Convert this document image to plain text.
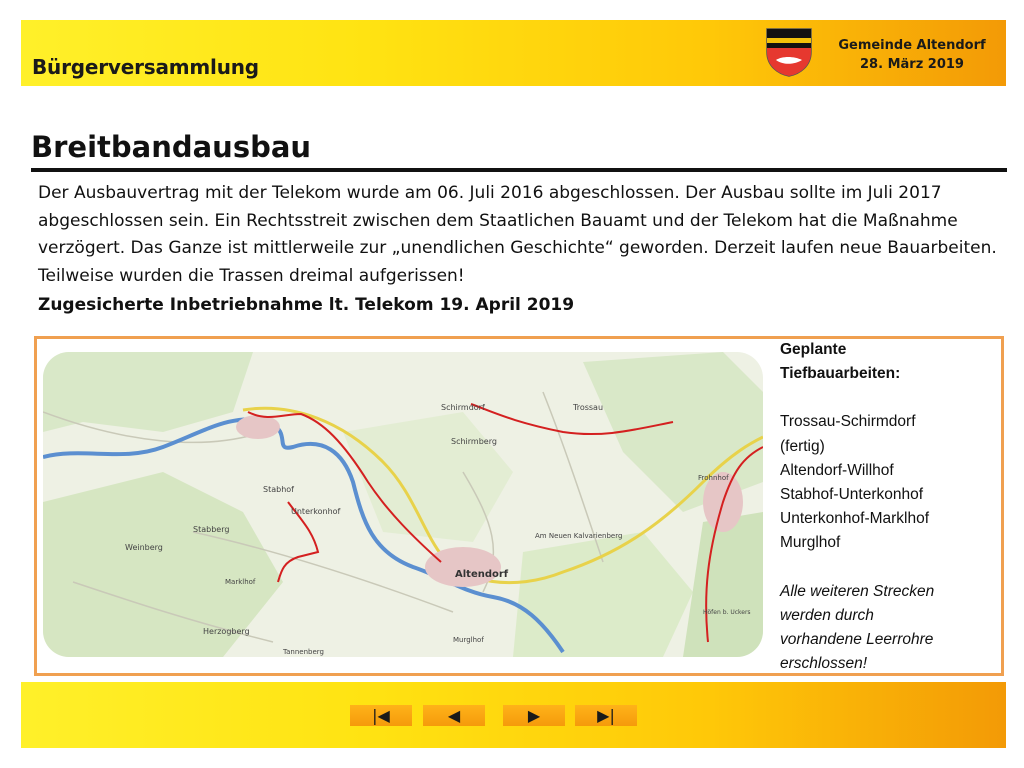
Bürgerversammlung
Gemeinde Altendorf
28. März 2019
Breitbandausbau
Der Ausbauvertrag mit der Telekom wurde am 06. Juli 2016 abgeschlossen. Der Ausbau sollte im Juli 2017 abgeschlossen sein. Ein Rechtsstreit zwischen dem Staatlichen Bauamt und der Telekom hat die Maßnahme verzögert. Das Ganze ist mittlerweile zur „unendlichen Geschichte“ geworden. Derzeit laufen neue Bauarbeiten. Teilweise wurden die Trassen dreimal aufgerissen!
Zugesicherte Inbetriebnahme lt. Telekom 19. April 2019
Schirmdorf	Trossau
Schirmberg
Stabhof
Unterkonhof
Stabberg
Weinberg
Marklhof
Herzogberg
Altendorf
Murglhof
Am Neuen Kalvarienberg
Frohnhof
Höfen b. Uckers
Tannenberg
Geplante
Tiefbauarbeiten:
Trossau-Schirmdorf
(fertig)
Altendorf-Willhof
Stabhof-Unterkonhof
Unterkonhof-Marklhof
Murglhof
Alle weiteren Strecken
werden durch
vorhandene Leerrohre
erschlossen!
|◀	◀	▶	▶|
